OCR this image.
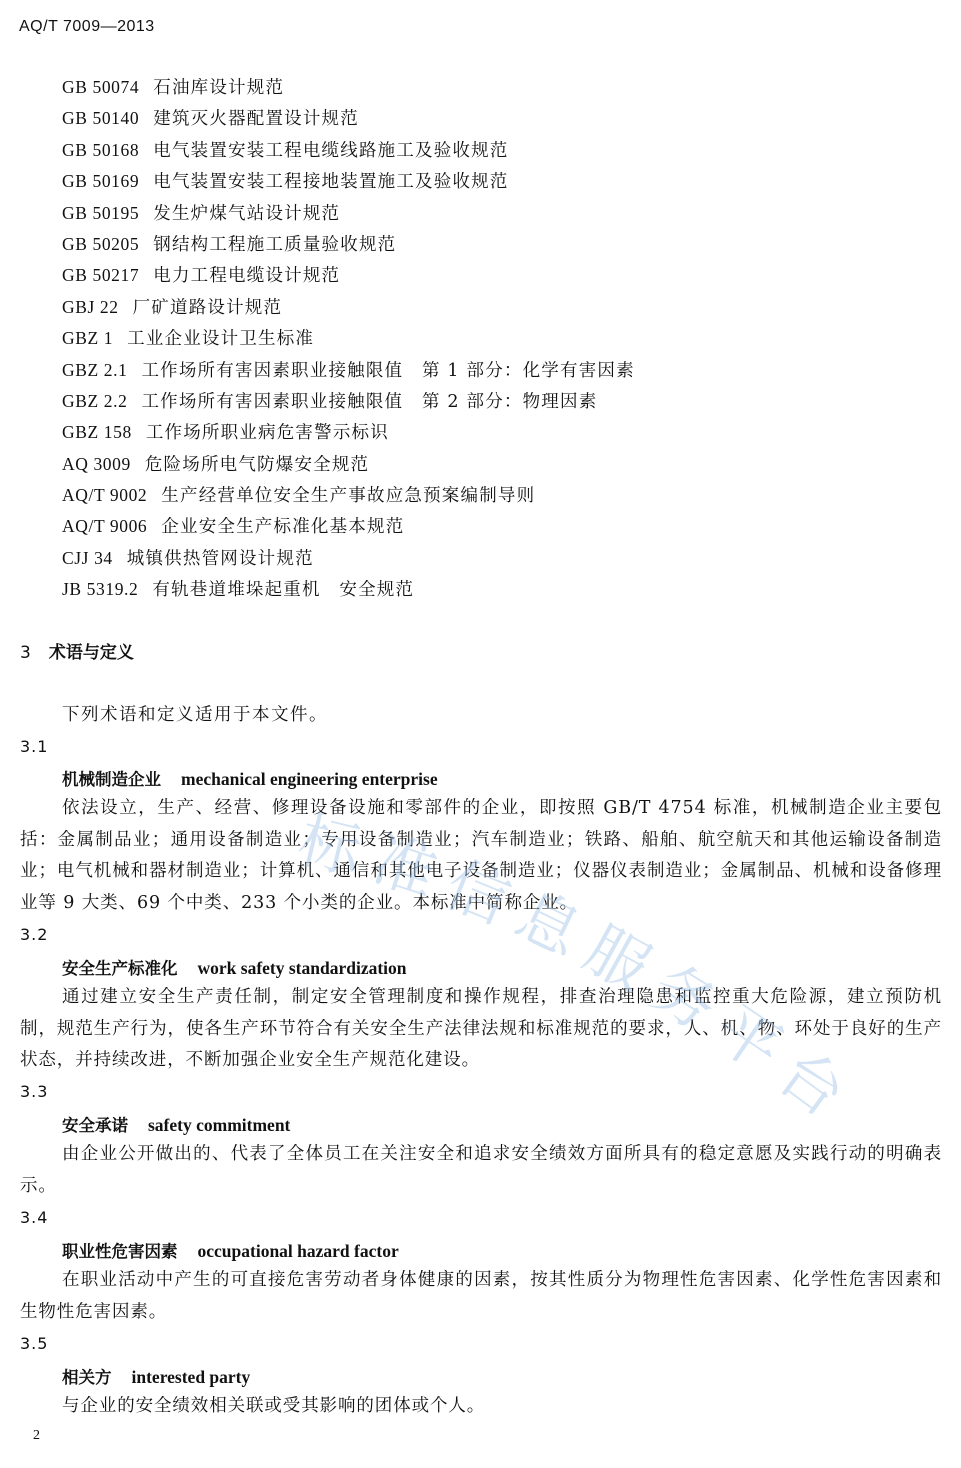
AQ/T 7009—2013
GB 50074 石油库设计规范
GB 50140 建筑灭火器配置设计规范
GB 50168 电气装置安装工程电缆线路施工及验收规范
GB 50169 电气装置安装工程接地装置施工及验收规范
GB 50195 发生炉煤气站设计规范
GB 50205 钢结构工程施工质量验收规范
GB 50217 电力工程电缆设计规范
GBJ 22 厂矿道路设计规范
GBZ 1 工业企业设计卫生标准
GBZ 2.1 工作场所有害因素职业接触限值　第 1 部分：化学有害因素
GBZ 2.2 工作场所有害因素职业接触限值　第 2 部分：物理因素
GBZ 158 工作场所职业病危害警示标识
AQ 3009 危险场所电气防爆安全规范
AQ/T 9002 生产经营单位安全生产事故应急预案编制导则
AQ/T 9006 企业安全生产标准化基本规范
CJJ 34 城镇供热管网设计规范
JB 5319.2 有轨巷道堆垛起重机　安全规范
3 术语与定义
下列术语和定义适用于本文件。
3.1
机械制造企业 mechanical engineering enterprise
依法设立，生产、经营、修理设备设施和零部件的企业，即按照 GB/T 4754 标准，机械制造企业主要包括：金属制品业；通用设备制造业；专用设备制造业；汽车制造业；铁路、船舶、航空航天和其他运输设备制造业；电气机械和器材制造业；计算机、通信和其他电子设备制造业；仪器仪表制造业；金属制品、机械和设备修理业等 9 大类、69 个中类、233 个小类的企业。本标准中简称企业。
3.2
安全生产标准化 work safety standardization
通过建立安全生产责任制，制定安全管理制度和操作规程，排查治理隐患和监控重大危险源，建立预防机制，规范生产行为，使各生产环节符合有关安全生产法律法规和标准规范的要求，人、机、物、环处于良好的生产状态，并持续改进，不断加强企业安全生产规范化建设。
3.3
安全承诺 safety commitment
由企业公开做出的、代表了全体员工在关注安全和追求安全绩效方面所具有的稳定意愿及实践行动的明确表示。
3.4
职业性危害因素 occupational hazard factor
在职业活动中产生的可直接危害劳动者身体健康的因素，按其性质分为物理性危害因素、化学性危害因素和生物性危害因素。
3.5
相关方 interested party
与企业的安全绩效相关联或受其影响的团体或个人。
2
标准信息服务平台
